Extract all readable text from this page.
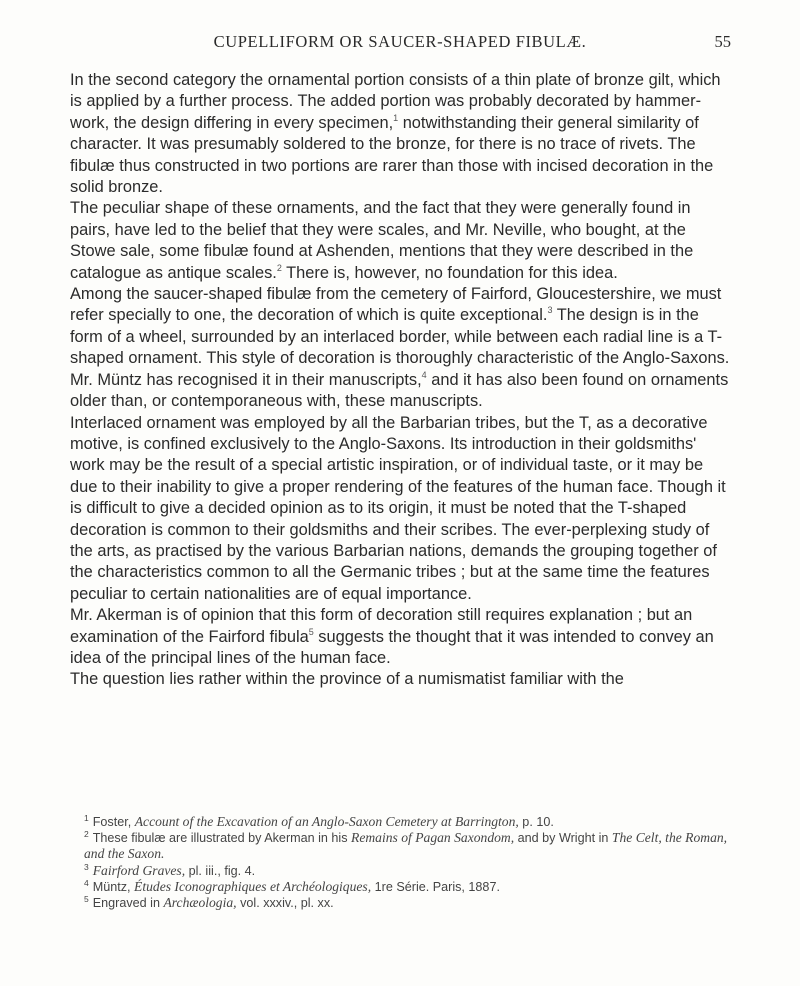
CUPELLIFORM OR SAUCER-SHAPED FIBULÆ.	55

In the second category the ornamental portion consists of a thin plate of bronze gilt, which is applied by a further process. The added portion was probably decorated by hammer-work, the design differing in every specimen,$^1$ notwithstanding their general similarity of character. It was presumably soldered to the bronze, for there is no trace of rivets. The fibulæ thus constructed in two portions are rarer than those with incised decoration in the solid bronze.

The peculiar shape of these ornaments, and the fact that they were generally found in pairs, have led to the belief that they were scales, and Mr. Neville, who bought, at the Stowe sale, some fibulæ found at Ashenden, mentions that they were described in the catalogue as antique scales.$^2$ There is, however, no foundation for this idea.

Among the saucer-shaped fibulæ from the cemetery of Fairford, Gloucestershire, we must refer specially to one, the decoration of which is quite exceptional.$^3$ The design is in the form of a wheel, surrounded by an interlaced border, while between each radial line is a T-shaped ornament. This style of decoration is thoroughly characteristic of the Anglo-Saxons.

Mr. Müntz has recognised it in their manuscripts,$^4$ and it has also been found on ornaments older than, or contemporaneous with, these manuscripts.

Interlaced ornament was employed by all the Barbarian tribes, but the T, as a decorative motive, is confined exclusively to the Anglo-Saxons. Its introduction in their goldsmiths' work may be the result of a special artistic inspiration, or of individual taste, or it may be due to their inability to give a proper rendering of the features of the human face. Though it is difficult to give a decided opinion as to its origin, it must be noted that the T-shaped decoration is common to their goldsmiths and their scribes. The ever-perplexing study of the arts, as practised by the various Barbarian nations, demands the grouping together of the characteristics common to all the Germanic tribes ; but at the same time the features peculiar to certain nationalities are of equal importance.

Mr. Akerman is of opinion that this form of decoration still requires explanation ; but an examination of the Fairford fibula$^5$ suggests the thought that it was intended to convey an idea of the principal lines of the human face.

The question lies rather within the province of a numismatist familiar with the

$^1$ Foster, Account of the Excavation of an Anglo-Saxon Cemetery at Barrington, p. 10.

$^2$ These fibulæ are illustrated by Akerman in his Remains of Pagan Saxondom, and by Wright in The Celt, the Roman, and the Saxon.

$^3$ Fairford Graves, pl. iii., fig. 4.

$^4$ Müntz, Études Iconographiques et Archéologiques, 1re Série. Paris, 1887.

$^5$ Engraved in Archæologia, vol. xxxiv., pl. xx.
